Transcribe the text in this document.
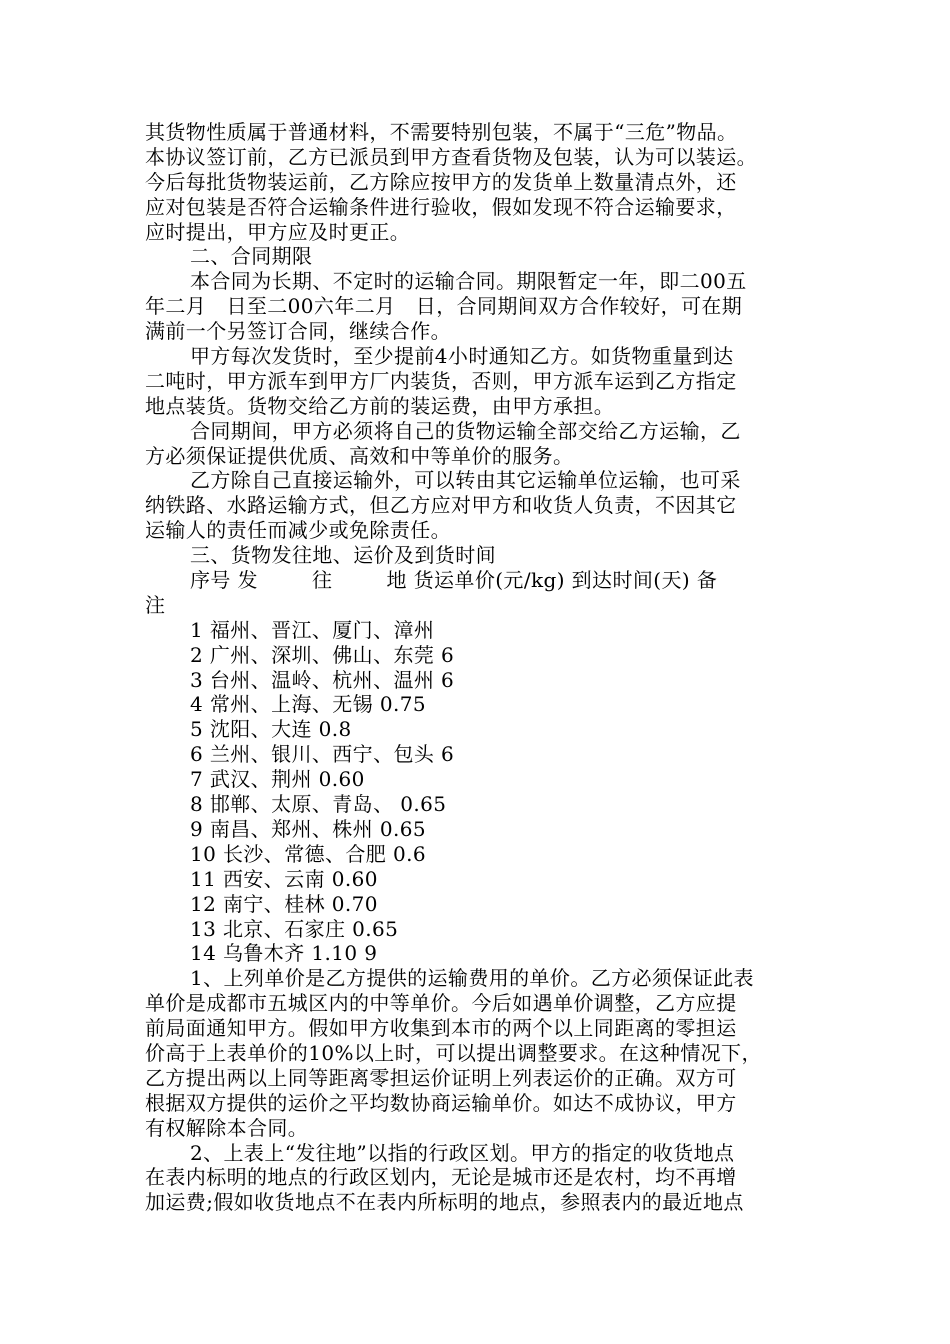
其货物性质属于普通材料，不需要特别包装，不属于“三危”物品。
本协议签订前，乙方已派员到甲方查看货物及包装，认为可以装运。
今后每批货物装运前，乙方除应按甲方的发货单上数量清点外，还
应对包装是否符合运输条件进行验收，假如发现不符合运输要求，
应时提出，甲方应及时更正。
二、合同期限
本合同为长期、不定时的运输合同。期限暂定一年，即二00五
年二月   日至二00六年二月   日，合同期间双方合作较好，可在期
满前一个另签订合同，继续合作。
甲方每次发货时，至少提前4小时通知乙方。如货物重量到达
二吨时，甲方派车到甲方厂内装货，否则，甲方派车运到乙方指定
地点装货。货物交给乙方前的装运费，由甲方承担。
合同期间，甲方必须将自己的货物运输全部交给乙方运输，乙
方必须保证提供优质、高效和中等单价的服务。
乙方除自己直接运输外，可以转由其它运输单位运输，也可采
纳铁路、水路运输方式，但乙方应对甲方和收货人负责，不因其它
运输人的责任而减少或免除责任。
三、货物发往地、运价及到货时间
序号 发        往        地 货运单价(元/kg) 到达时间(天) 备
注
1 福州、晋江、厦门、漳州
2 广州、深圳、佛山、东莞 6
3 台州、温岭、杭州、温州 6
4 常州、上海、无锡 0.75
5 沈阳、大连 0.8
6 兰州、银川、西宁、包头 6
7 武汉、荆州 0.60
8 邯郸、太原、青岛、 0.65
9 南昌、郑州、株州 0.65
10 长沙、常德、合肥 0.6
11 西安、云南 0.60
12 南宁、桂林 0.70
13 北京、石家庄 0.65
14 乌鲁木齐 1.10 9
1、上列单价是乙方提供的运输费用的单价。乙方必须保证此表
单价是成都市五城区内的中等单价。今后如遇单价调整，乙方应提
前局面通知甲方。假如甲方收集到本市的两个以上同距离的零担运
价高于上表单价的10%以上时，可以提出调整要求。在这种情况下，
乙方提出两以上同等距离零担运价证明上列表运价的正确。双方可
根据双方提供的运价之平均数协商运输单价。如达不成协议，甲方
有权解除本合同。
2、上表上“发往地”以指的行政区划。甲方的指定的收货地点
在表内标明的地点的行政区划内，无论是城市还是农村，均不再增
加运费;假如收货地点不在表内所标明的地点，参照表内的最近地点
